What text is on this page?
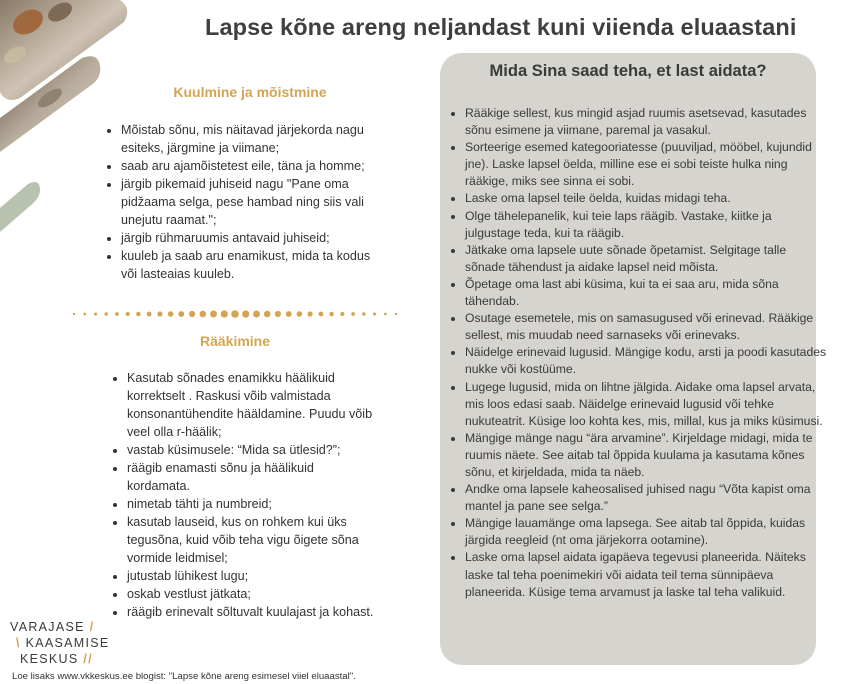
Lapse kõne areng neljandast kuni viienda eluaastani
Kuulmine ja mõistmine
• Mõistab sõnu, mis näitavad järjekorda nagu esiteks, järgmine ja viimane;
• saab aru ajamõistetest eile, täna ja homme;
• järgib pikemaid juhiseid nagu "Pane oma pidžaama selga, pese hambad ning siis vali unejutu raamat.";
• järgib rühmaruumis antavaid juhiseid;
• kuuleb ja saab aru enamikust, mida ta kodus või lasteaias kuuleb.
Rääkimine
• Kasutab sõnades enamikku häälikuid korrektselt . Raskusi võib valmistada konsonantühendite hääldamine. Puudu võib veel olla r-häälik;
• vastab küsimusele: “Mida sa ütlesid?”;
• räägib enamasti sõnu ja häälikuid kordamata.
• nimetab tähti ja numbreid;
• kasutab lauseid, kus on rohkem kui üks tegusõna, kuid võib teha vigu õigete sõna vormide leidmisel;
• jutustab lühikest lugu;
• oskab vestlust jätkata;
• räägib erinevalt sõltuvalt kuulajast ja kohast.
Mida Sina saad teha, et last aidata?
• Rääkige sellest, kus mingid asjad ruumis asetsevad, kasutades sõnu esimene ja viimane, paremal ja vasakul.
• Sorteerige esemed kategooriatesse (puuviljad, mööbel, kujundid jne). Laske lapsel öelda, milline ese ei sobi teiste hulka ning rääkige, miks see sinna ei sobi.
• Laske oma lapsel teile öelda, kuidas midagi teha.
• Olge tähelepanelik, kui teie laps räägib. Vastake, kiitke ja julgustage teda, kui ta räägib.
• Jätkake oma lapsele uute sõnade õpetamist. Selgitage talle sõnade tähendust ja aidake lapsel neid mõista.
• Õpetage oma last abi küsima, kui ta ei saa aru, mida sõna tähendab.
• Osutage esemetele, mis on samasugused või erinevad. Rääkige sellest, mis muudab need sarnaseks või erinevaks.
• Näidelge erinevaid lugusid. Mängige kodu, arsti ja poodi kasutades nukke või kostüüme.
• Lugege lugusid, mida on lihtne jälgida. Aidake oma lapsel arvata, mis loos edasi saab. Näidelge erinevaid lugusid või tehke nukuteatrit. Küsige loo kohta kes, mis, millal, kus ja miks küsimusi.
• Mängige mänge nagu “ära arvamine”. Kirjeldage midagi, mida te ruumis näete. See aitab tal õppida kuulama ja kasutama kõnes sõnu, et kirjeldada, mida ta näeb.
• Andke oma lapsele kaheosalised juhised nagu “Võta kapist oma mantel ja pane see selga.”
• Mängige lauamänge oma lapsega. See aitab tal õppida, kuidas järgida reegleid (nt oma järjekorra ootamine).
• Laske oma lapsel aidata igapäeva tegevusi planeerida. Näiteks laske tal teha poenimekiri või aidata teil tema sünnipäeva planeerida. Küsige tema arvamust ja laske tal teha valikuid.
VARAJASE /
\ KAASAMISE
KESKUS //
Loe lisaks www.vkkeskus.ee blogist: "Lapse kõne areng esimesel viiel eluaastal".
